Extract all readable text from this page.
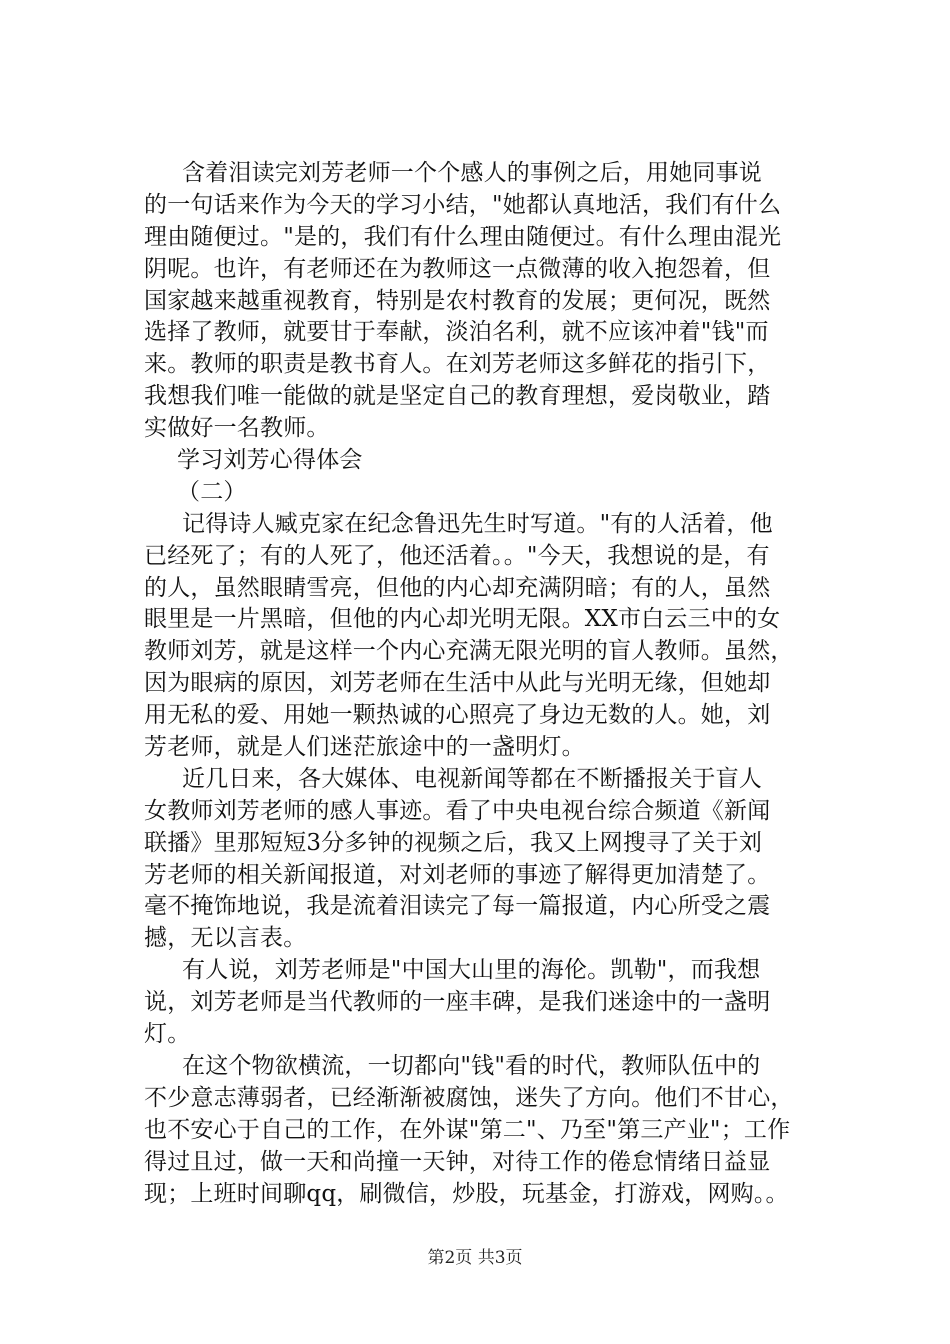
含着泪读完刘芳老师一个个感人的事例之后，用她同事说
的一句话来作为今天的学习小结，"她都认真地活，我们有什么
理由随便过。"是的，我们有什么理由随便过。有什么理由混光
阴呢。也许，有老师还在为教师这一点微薄的收入抱怨着，但
国家越来越重视教育，特别是农村教育的发展；更何况，既然
选择了教师，就要甘于奉献，淡泊名利，就不应该冲着"钱"而
来。教师的职责是教书育人。在刘芳老师这多鲜花的指引下，
我想我们唯一能做的就是坚定自己的教育理想，爱岗敬业，踏
实做好一名教师。
学习刘芳心得体会
（二）
记得诗人臧克家在纪念鲁迅先生时写道。"有的人活着，他
已经死了；有的人死了，他还活着。。"今天，我想说的是，有
的人，虽然眼睛雪亮，但他的内心却充满阴暗；有的人，虽然
眼里是一片黑暗，但他的内心却光明无限。XX市白云三中的女
教师刘芳，就是这样一个内心充满无限光明的盲人教师。虽然，
因为眼病的原因，刘芳老师在生活中从此与光明无缘，但她却
用无私的爱、用她一颗热诚的心照亮了身边无数的人。她，刘
芳老师，就是人们迷茫旅途中的一盏明灯。
近几日来，各大媒体、电视新闻等都在不断播报关于盲人
女教师刘芳老师的感人事迹。看了中央电视台综合频道《新闻
联播》里那短短3分多钟的视频之后，我又上网搜寻了关于刘
芳老师的相关新闻报道，对刘老师的事迹了解得更加清楚了。
毫不掩饰地说，我是流着泪读完了每一篇报道，内心所受之震
撼，无以言表。
有人说，刘芳老师是"中国大山里的海伦。凯勒"，而我想
说，刘芳老师是当代教师的一座丰碑，是我们迷途中的一盏明
灯。
在这个物欲横流，一切都向"钱"看的时代，教师队伍中的
不少意志薄弱者，已经渐渐被腐蚀，迷失了方向。他们不甘心，
也不安心于自己的工作，在外谋"第二"、乃至"第三产业"；工作
得过且过，做一天和尚撞一天钟，对待工作的倦怠情绪日益显
现；上班时间聊qq，刷微信，炒股，玩基金，打游戏，网购。。
第2页 共3页
